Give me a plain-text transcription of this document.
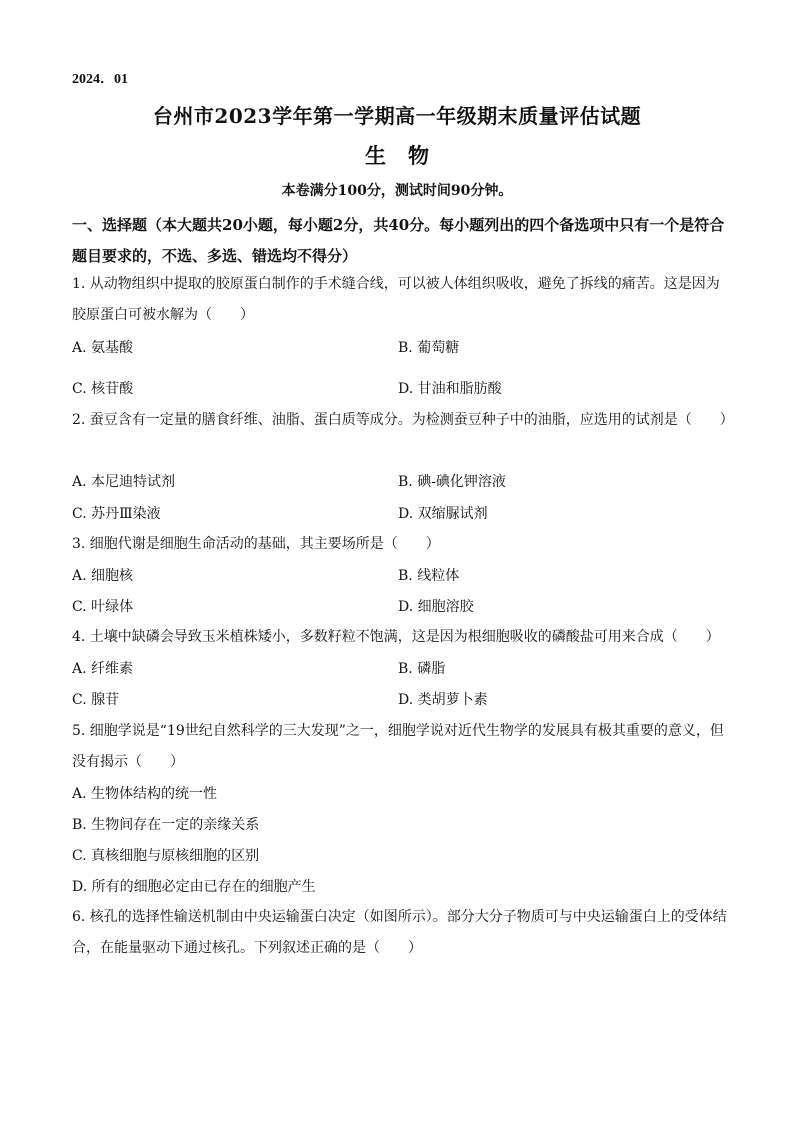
2024．01
台州市2023学年第一学期高一年级期末质量评估试题
生物
本卷满分100分，测试时间90分钟。
一、选择题（本大题共20小题，每小题2分，共40分。每小题列出的四个备选项中只有一个是符合题目要求的，不选、多选、错选均不得分）
1. 从动物组织中提取的胶原蛋白制作的手术缝合线，可以被人体组织吸收，避免了拆线的痛苦。这是因为胶原蛋白可被水解为（　　）
A. 氨基酸	B. 葡萄糖
C. 核苷酸	D. 甘油和脂肪酸
2. 蚕豆含有一定量的膳食纤维、油脂、蛋白质等成分。为检测蚕豆种子中的油脂，应选用的试剂是（　　）
A. 本尼迪特试剂	B. 碘-碘化钾溶液
C. 苏丹Ⅲ染液	D. 双缩脲试剂
3. 细胞代谢是细胞生命活动的基础，其主要场所是（　　）
A. 细胞核	B. 线粒体
C. 叶绿体	D. 细胞溶胶
4. 土壤中缺磷会导致玉米植株矮小，多数籽粒不饱满，这是因为根细胞吸收的磷酸盐可用来合成（　　）
A. 纤维素	B. 磷脂
C. 腺苷	D. 类胡萝卜素
5. 细胞学说是“19世纪自然科学的三大发现”之一，细胞学说对近代生物学的发展具有极其重要的意义，但没有揭示（　　）
A. 生物体结构的统一性
B. 生物间存在一定的亲缘关系
C. 真核细胞与原核细胞的区别
D. 所有的细胞必定由已存在的细胞产生
6. 核孔的选择性输送机制由中央运输蛋白决定（如图所示）。部分大分子物质可与中央运输蛋白上的受体结合，在能量驱动下通过核孔。下列叙述正确的是（　　）
